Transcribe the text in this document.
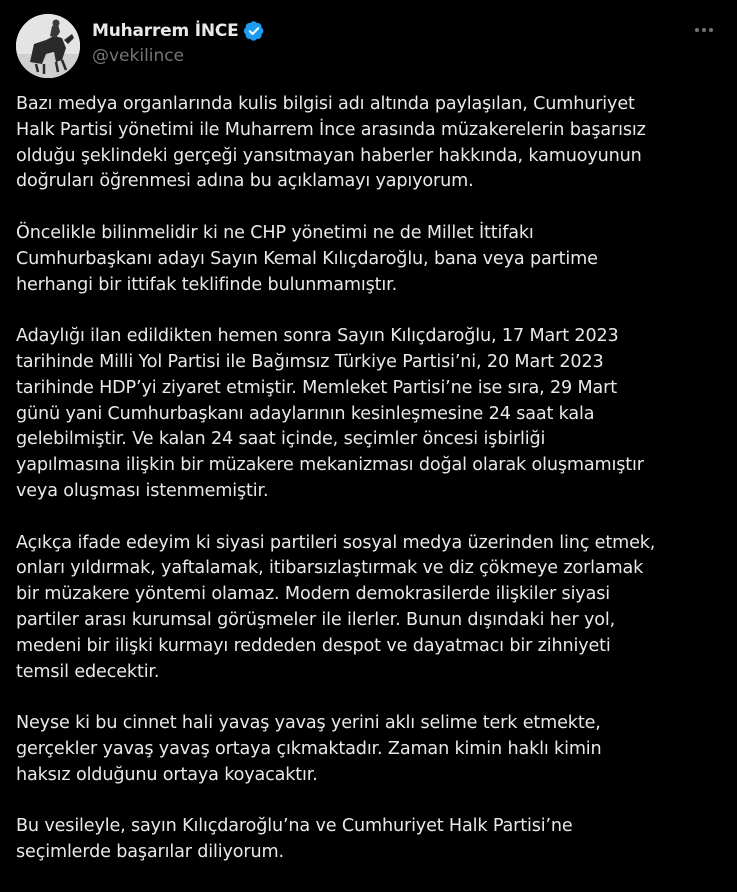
Muharrem İNCE
@vekilince
Bazı medya organlarında kulis bilgisi adı altında paylaşılan, Cumhuriyet
Halk Partisi yönetimi ile Muharrem İnce arasında müzakerelerin başarısız
olduğu şeklindeki gerçeği yansıtmayan haberler hakkında, kamuoyunun
doğruları öğrenmesi adına bu açıklamayı yapıyorum.
Öncelikle bilinmelidir ki ne CHP yönetimi ne de Millet İttifakı
Cumhurbaşkanı adayı Sayın Kemal Kılıçdaroğlu, bana veya partime
herhangi bir ittifak teklifinde bulunmamıştır.
Adaylığı ilan edildikten hemen sonra Sayın Kılıçdaroğlu, 17 Mart 2023
tarihinde Milli Yol Partisi ile Bağımsız Türkiye Partisi’ni, 20 Mart 2023
tarihinde HDP’yi ziyaret etmiştir. Memleket Partisi’ne ise sıra, 29 Mart
günü yani Cumhurbaşkanı adaylarının kesinleşmesine 24 saat kala
gelebilmiştir. Ve kalan 24 saat içinde, seçimler öncesi işbirliği
yapılmasına ilişkin bir müzakere mekanizması doğal olarak oluşmamıştır
veya oluşması istenmemiştir.
Açıkça ifade edeyim ki siyasi partileri sosyal medya üzerinden linç etmek,
onları yıldırmak, yaftalamak, itibarsızlaştırmak ve diz çökmeye zorlamak
bir müzakere yöntemi olamaz. Modern demokrasilerde ilişkiler siyasi
partiler arası kurumsal görüşmeler ile ilerler. Bunun dışındaki her yol,
medeni bir ilişki kurmayı reddeden despot ve dayatmacı bir zihniyeti
temsil edecektir.
Neyse ki bu cinnet hali yavaş yavaş yerini aklı selime terk etmekte,
gerçekler yavaş yavaş ortaya çıkmaktadır. Zaman kimin haklı kimin
haksız olduğunu ortaya koyacaktır.
Bu vesileyle, sayın Kılıçdaroğlu’na ve Cumhuriyet Halk Partisi’ne
seçimlerde başarılar diliyorum.
